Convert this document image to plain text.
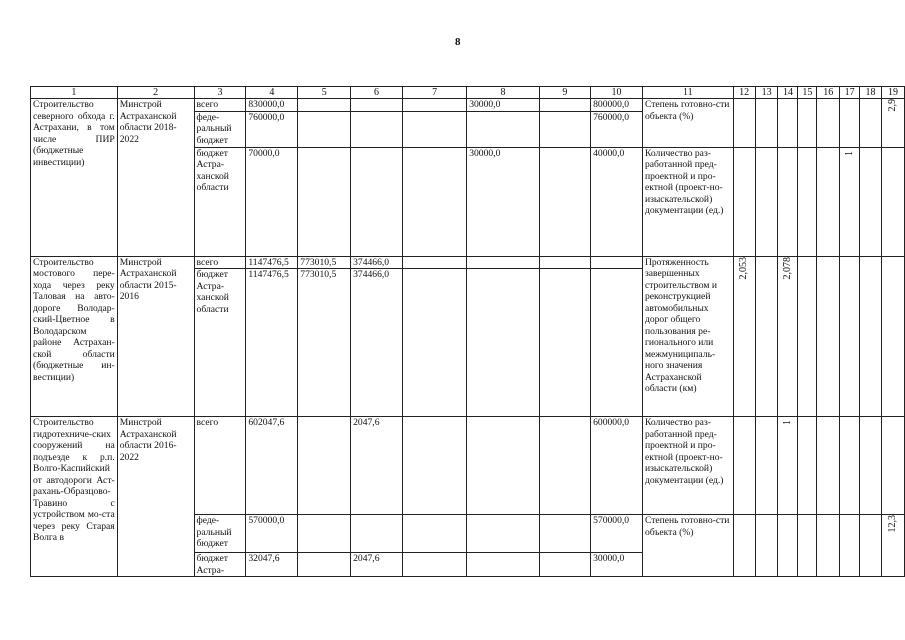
8
1	2	3	4	5	6	7	8	9	10	11	12	13	14	15	16	17	18	19
Строительство северного обхода г. Астрахани, в том числе ПИР (бюджетные инвестиции)	Минстрой Астраханской области 2018-2022	всего	830000,0				30000,0		800000,0	Степень готовно-сти объекта (%)								2,9
		феде-ральный бюджет	760000,0						760000,0									
		бюджет Астра-ханской области	70000,0				30000,0		40000,0	Количество раз-работанной пред-проектной и про-ектной (проект-но-изыскательской) документации (ед.)						1		
Строительство мостового пере-хода через реку Таловая на авто-дороге Володар-ский-Цветное в Володарском районе Астрахан-ской области (бюджетные ин-вестиции)	Минстрой Астраханской области 2015-2016	всего	1147476,5	773010,5	374466,0					Протяженность завершенных строительством и реконструкцией автомобильных дорог общего пользования ре-гионального или межмуниципаль-ного значения Астраханской области (км)	2,053		2,078					
		бюджет Астра-ханской области	1147476,5	773010,5	374466,0													
Строительство гидротехниче-ских сооружений на подъезде к р.п. Волго-Каспийский от автодороги Аст-рахань-Образцово-Травино с устройством мо-ста через реку Старая Волга в	Минстрой Астраханской области 2016-2022	всего	602047,6		2047,6				600000,0	Количество раз-работанной пред-проектной и про-ектной (проект-но-изыскательской) документации (ед.)			1					
		феде-ральный бюджет	570000,0						570000,0	Степень готовно-сти объекта (%)								12,3
		бюджет Астра-	32047,6		2047,6				30000,0									
